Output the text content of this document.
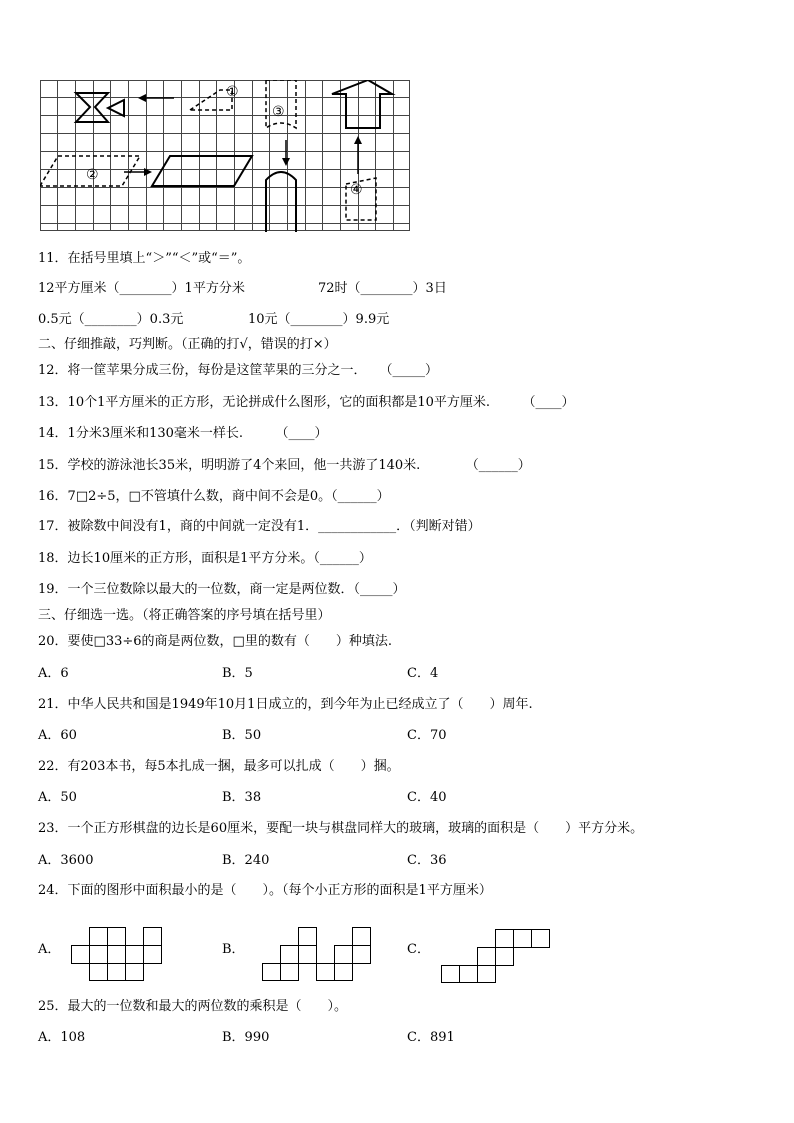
①
③
④
②
11．在括号里填上“＞”“＜”或“＝”。
12平方厘米（________）1平方分米	72时（________）3日
0.5元（________）0.3元	10元（________）9.9元
二、仔细推敲，巧判断。（正确的打√，错误的打×）
12．将一筐苹果分成三份，每份是这筐苹果的三分之一．　　（_____）
13．10个1平方厘米的正方形，无论拼成什么图形，它的面积都是10平方厘米.　　　（____）
14．1分米3厘米和130毫米一样长.　　　（____）
15．学校的游泳池长35米，明明游了4个来回，他一共游了140米.　　　　（______）
16．7□2÷5，□不管填什么数，商中间不会是0。（______）
17．被除数中间没有1，商的中间就一定没有1．____________．（判断对错）
18．边长10厘米的正方形，面积是1平方分米。（______）
19．一个三位数除以最大的一位数，商一定是两位数．（_____）
三、仔细选一选。（将正确答案的序号填在括号里）
20．要使□33÷6的商是两位数，□里的数有（　　）种填法.
A．6	B．5	C．4
21．中华人民共和国是1949年10月1日成立的，到今年为止已经成立了（　　）周年.
A．60	B．50	C．70
22．有203本书，每5本扎成一捆，最多可以扎成（　　）捆。
A．50	B．38	C．40
23．一个正方形棋盘的边长是60厘米，要配一块与棋盘同样大的玻璃，玻璃的面积是（　　）平方分米。
A．3600	B．240	C．36
24．下面的图形中面积最小的是（　　）。（每个小正方形的面积是1平方厘米）
A．	B．	C．
25．最大的一位数和最大的两位数的乘积是（　　）。
A．108	B．990	C．891
